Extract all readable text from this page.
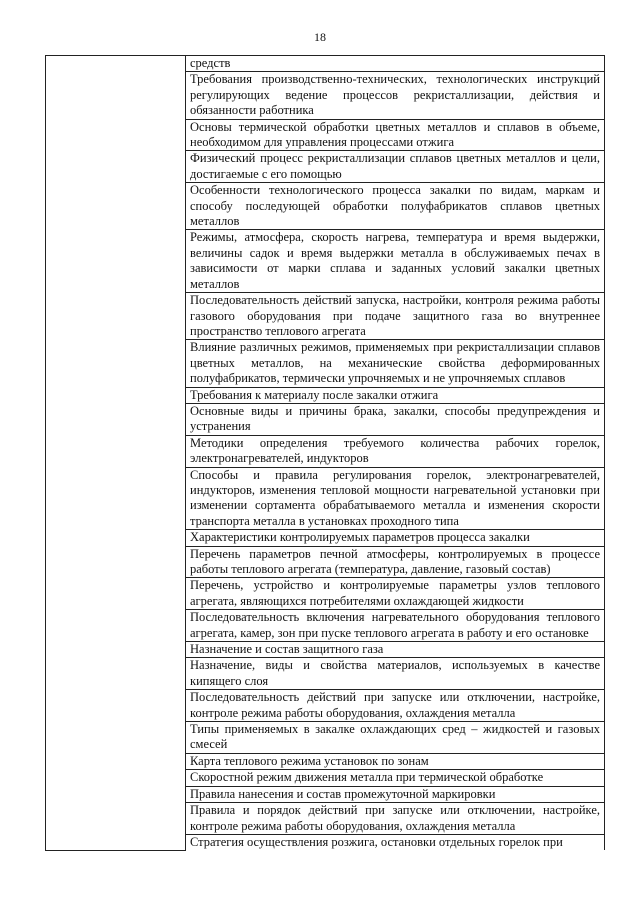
18
	средств
Требования производственно-технических, технологических инструкций регулирующих ведение процессов рекристаллизации, действия и обязанности работника
Основы термической обработки цветных металлов и сплавов в объеме, необходимом для управления процессами отжига
Физический процесс рекристаллизации сплавов цветных металлов и цели, достигаемые с его помощью
Особенности технологического процесса закалки по видам, маркам и способу последующей обработки полуфабрикатов сплавов цветных металлов
Режимы, атмосфера, скорость нагрева, температура и время выдержки, величины садок и время выдержки металла в обслуживаемых печах в зависимости от марки сплава и заданных условий закалки цветных металлов
Последовательность действий запуска, настройки, контроля режима работы газового оборудования при подаче защитного газа во внутреннее пространство теплового агрегата
Влияние различных режимов, применяемых при рекристаллизации сплавов цветных металлов, на механические свойства деформированных полуфабрикатов, термически упрочняемых и не упрочняемых сплавов
Требования к материалу после закалки отжига
Основные виды и причины брака, закалки, способы предупреждения и устранения
Методики определения требуемого количества рабочих горелок, электронагревателей, индукторов
Способы и правила регулирования горелок, электронагревателей, индукторов, изменения тепловой мощности нагревательной установки при изменении сортамента обрабатываемого металла и изменения скорости транспорта металла в установках проходного типа
Характеристики контролируемых параметров процесса закалки
Перечень параметров печной атмосферы, контролируемых в процессе работы теплового агрегата (температура, давление, газовый состав)
Перечень, устройство и контролируемые параметры узлов теплового агрегата, являющихся потребителями охлаждающей жидкости
Последовательность включения нагревательного оборудования теплового агрегата, камер, зон при пуске теплового агрегата в работу и его остановке
Назначение и состав защитного газа
Назначение, виды и свойства материалов, используемых в качестве кипящего слоя
Последовательность действий при запуске или отключении, настройке, контроле режима работы оборудования, охлаждения металла
Типы применяемых в закалке охлаждающих сред – жидкостей и газовых смесей
Карта теплового режима установок по зонам
Скоростной режим движения металла при термической обработке
Правила нанесения и состав промежуточной маркировки
Правила и порядок действий при запуске или отключении, настройке, контроле режима работы оборудования, охлаждения металла
Стратегия осуществления розжига, остановки отдельных горелок при
